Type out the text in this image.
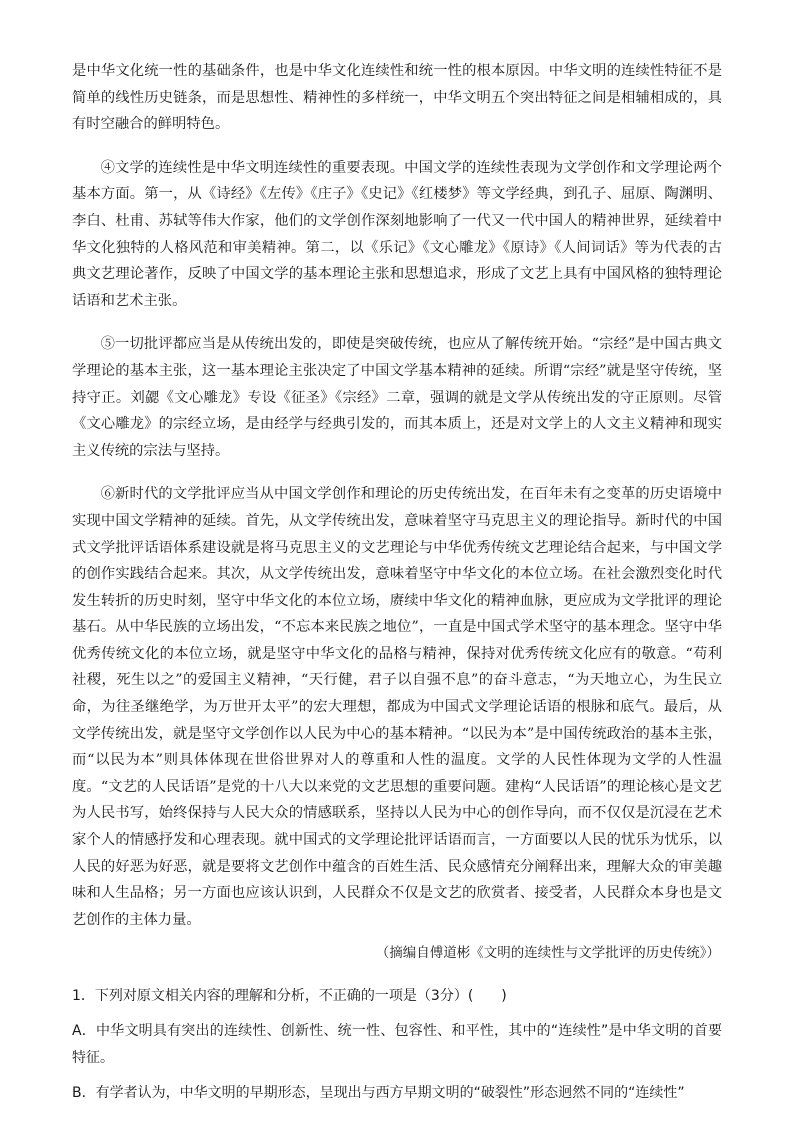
是中华文化统一性的基础条件，也是中华文化连续性和统一性的根本原因。中华文明的连续性特征不是简单的线性历史链条，而是思想性、精神性的多样统一，中华文明五个突出特征之间是相辅相成的，具有时空融合的鲜明特色。

④文学的连续性是中华文明连续性的重要表现。中国文学的连续性表现为文学创作和文学理论两个基本方面。第一，从《诗经》《左传》《庄子》《史记》《红楼梦》等文学经典，到孔子、屈原、陶渊明、李白、杜甫、苏轼等伟大作家，他们的文学创作深刻地影响了一代又一代中国人的精神世界，延续着中华文化独特的人格风范和审美精神。第二，以《乐记》《文心雕龙》《原诗》《人间词话》等为代表的古典文艺理论著作，反映了中国文学的基本理论主张和思想追求，形成了文艺上具有中国风格的独特理论话语和艺术主张。

⑤一切批评都应当是从传统出发的，即使是突破传统，也应从了解传统开始。“宗经”是中国古典文学理论的基本主张，这一基本理论主张决定了中国文学基本精神的延续。所谓“宗经”就是坚守传统，坚持守正。刘勰《文心雕龙》专设《征圣》《宗经》二章，强调的就是文学从传统出发的守正原则。尽管《文心雕龙》的宗经立场，是由经学与经典引发的，而其本质上，还是对文学上的人文主义精神和现实主义传统的宗法与坚持。

⑥新时代的文学批评应当从中国文学创作和理论的历史传统出发，在百年未有之变革的历史语境中实现中国文学精神的延续。首先，从文学传统出发，意味着坚守马克思主义的理论指导。新时代的中国式文学批评话语体系建设就是将马克思主义的文艺理论与中华优秀传统文艺理论结合起来，与中国文学的创作实践结合起来。其次，从文学传统出发，意味着坚守中华文化的本位立场。在社会激烈变化时代发生转折的历史时刻，坚守中华文化的本位立场，赓续中华文化的精神血脉，更应成为文学批评的理论基石。从中华民族的立场出发，“不忘本来民族之地位”，一直是中国式学术坚守的基本理念。坚守中华优秀传统文化的本位立场，就是坚守中华文化的品格与精神，保持对优秀传统文化应有的敬意。“苟利社稷，死生以之”的爱国主义精神，“天行健，君子以自强不息”的奋斗意志，“为天地立心，为生民立命，为往圣继绝学，为万世开太平”的宏大理想，都成为中国式文学理论话语的根脉和底气。最后，从文学传统出发，就是坚守文学创作以人民为中心的基本精神。“以民为本”是中国传统政治的基本主张，而“以民为本”则具体体现在世俗世界对人的尊重和人性的温度。文学的人民性体现为文学的人性温度。“文艺的人民话语”是党的十八大以来党的文艺思想的重要问题。建构“人民话语”的理论核心是文艺为人民书写，始终保持与人民大众的情感联系，坚持以人民为中心的创作导向，而不仅仅是沉浸在艺术家个人的情感抒发和心理表现。就中国式的文学理论批评话语而言，一方面要以人民的忧乐为忧乐，以人民的好恶为好恶，就是要将文艺创作中蕴含的百姓生活、民众感情充分阐释出来，理解大众的审美趣味和人生品格；另一方面也应该认识到，人民群众不仅是文艺的欣赏者、接受者，人民群众本身也是文艺创作的主体力量。

（摘编自傅道彬《文明的连续性与文学批评的历史传统》）

1．下列对原文相关内容的理解和分析，不正确的一项是（3分）(　　)

A．中华文明具有突出的连续性、创新性、统一性、包容性、和平性，其中的“连续性”是中华文明的首要特征。

B．有学者认为，中华文明的早期形态，呈现出与西方早期文明的“破裂性”形态迥然不同的“连续性”
